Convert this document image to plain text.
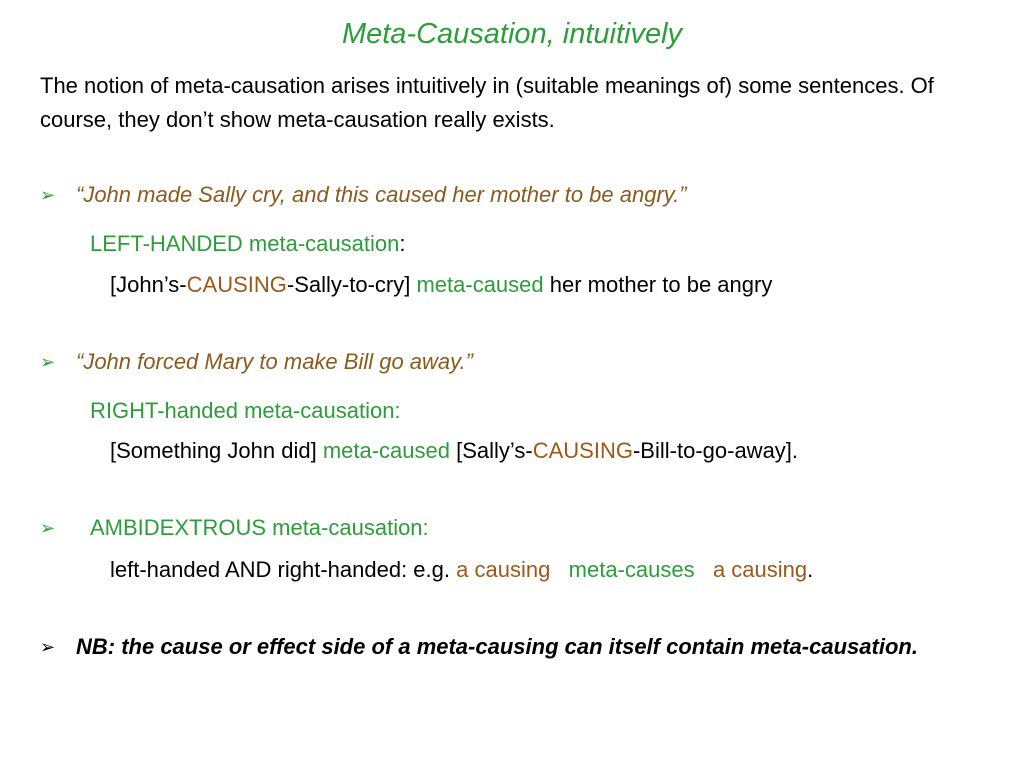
Meta-Causation, intuitively
The notion of meta-causation arises intuitively in (suitable meanings of) some sentences. Of course, they don’t show meta-causation really exists.
➢ “John made Sally cry, and this caused her mother to be angry.”
LEFT-HANDED meta-causation:
[John’s-CAUSING-Sally-to-cry] meta-caused her mother to be angry
➢ “John forced Mary to make Bill go away.”
RIGHT-handed meta-causation:
[Something John did] meta-caused [Sally’s-CAUSING-Bill-to-go-away].
➢ AMBIDEXTROUS meta-causation:
left-handed AND right-handed: e.g. a causing meta-causes a causing.
➢ NB: the cause or effect side of a meta-causing can itself contain meta-causation.
